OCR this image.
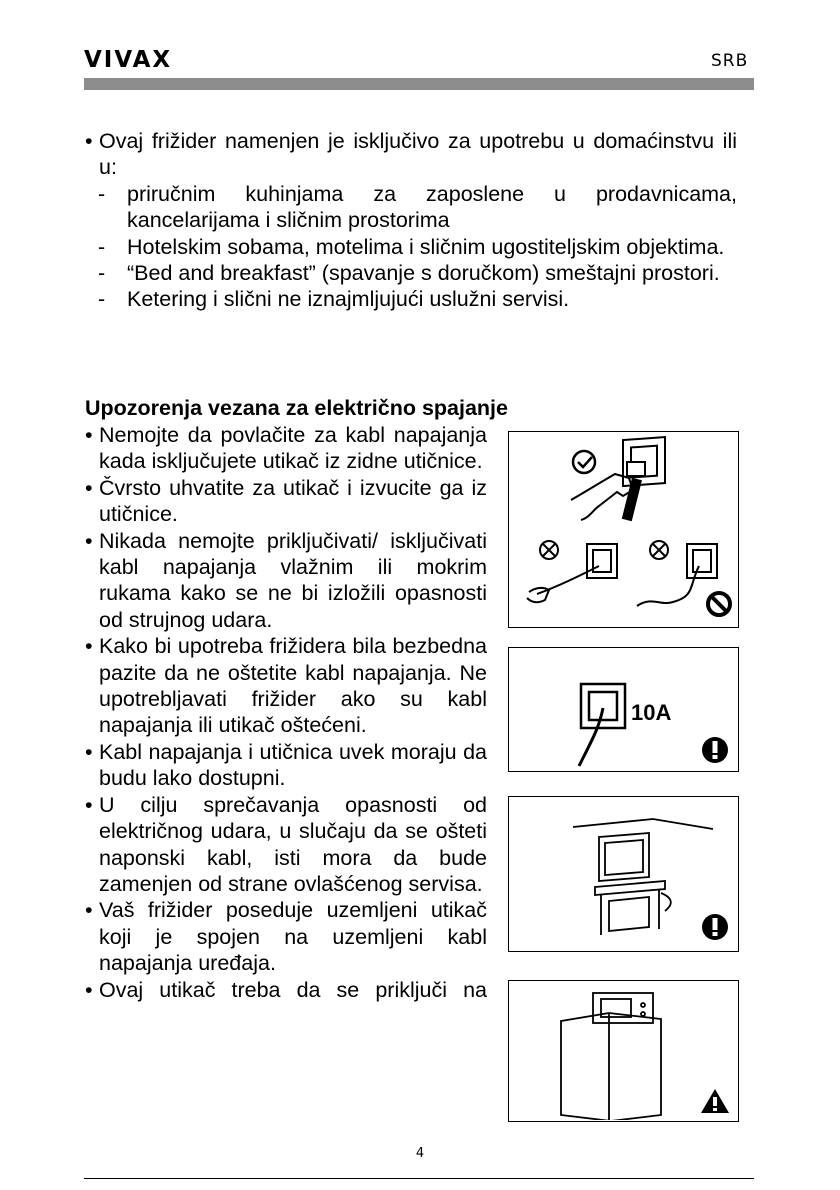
VIVAX	SRB
• Ovaj frižider namenjen je isključivo za upotrebu u domaćinstvu ili u:
- priručnim kuhinjama za zaposlene u prodavnicama, kancelarijama i sličnim prostorima
- Hotelskim sobama, motelima i sličnim ugostiteljskim objektima.
- “Bed and breakfast” (spavanje s doručkom) smeštajni prostori.
- Ketering i slični ne iznajmljujući uslužni servisi.
Upozorenja vezana za električno spajanje
• Nemojte da povlačite za kabl napajanja kada isključujete utikač iz zidne utičnice.
• Čvrsto uhvatite za utikač i izvucite ga iz utičnice.
• Nikada nemojte priključivati/ isključivati kabl napajanja vlažnim ili mokrim rukama kako se ne bi izložili opasnosti od strujnog udara.
• Kako bi upotreba frižidera bila bezbedna pazite da ne oštetite kabl napajanja. Ne upotrebljavati frižider ako su kabl napajanja ili utikač oštećeni.
• Kabl napajanja i utičnica uvek moraju da budu lako dostupni.
• U cilju sprečavanja opasnosti od električnog udara, u slučaju da se ošteti naponski kabl, isti mora da bude zamenjen od strane ovlašćenog servisa.
• Vaš frižider poseduje uzemljeni utikač koji je spojen na uzemljeni kabl napajanja uređaja.
• Ovaj utikač treba da se priključi na
10A
4
